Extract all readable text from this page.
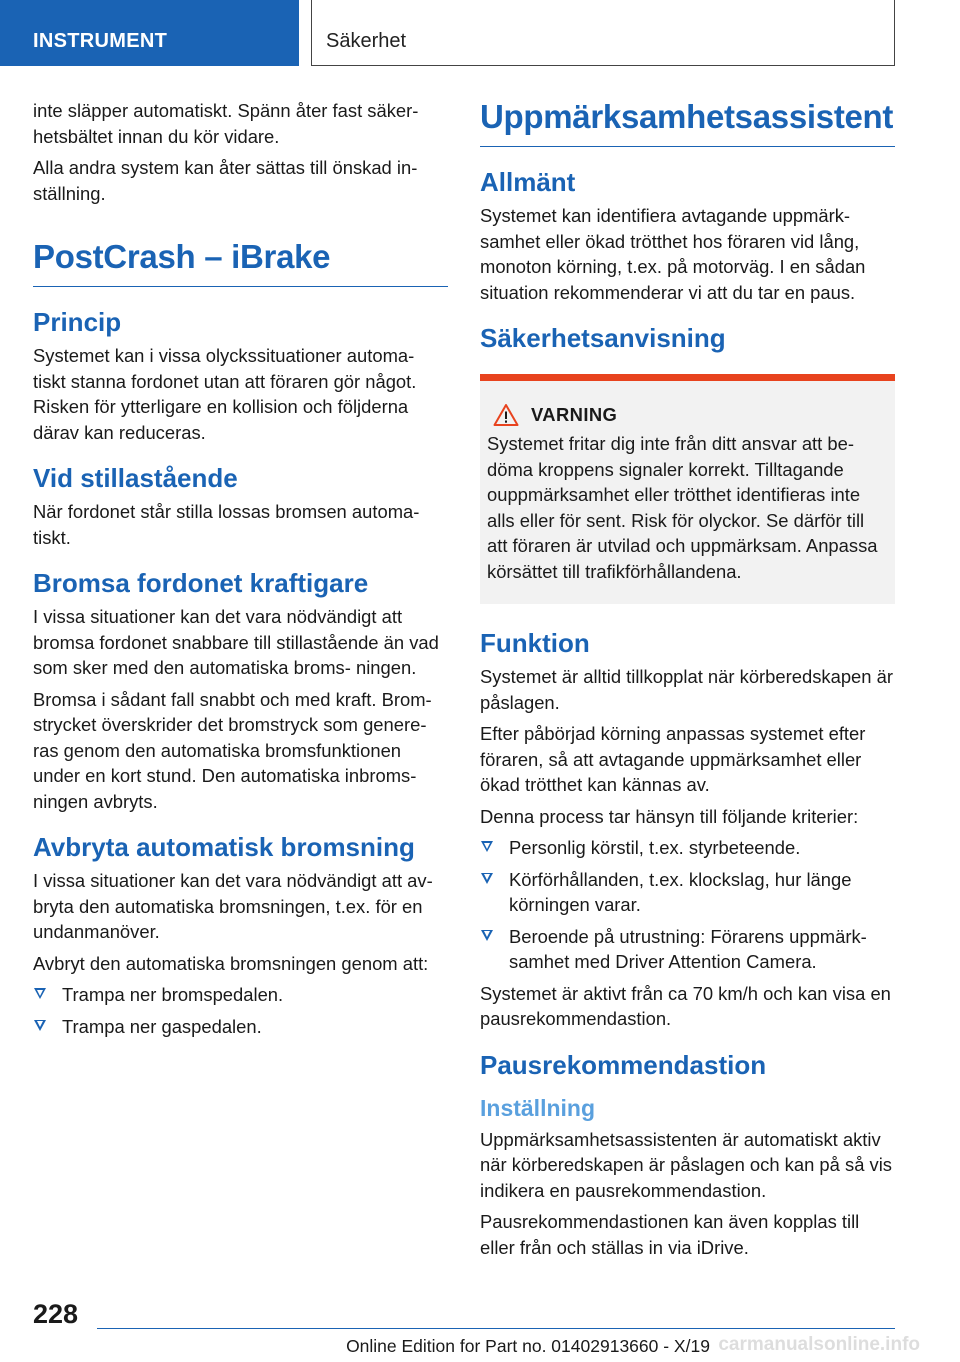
INSTRUMENT	Säkerhet

inte släpper automatiskt. Spänn åter fast säker- hetsbältet innan du kör vidare.

Alla andra system kan åter sättas till önskad in- ställning.

PostCrash – iBrake
Princip

Systemet kan i vissa olyckssituationer automa- tiskt stanna fordonet utan att föraren gör något. Risken för ytterligare en kollision och följderna därav kan reduceras.

Vid stillastående

När fordonet står stilla lossas bromsen automa- tiskt.

Bromsa fordonet kraftigare

I vissa situationer kan det vara nödvändigt att bromsa fordonet snabbare till stillastående än vad som sker med den automatiska broms- ningen.

Bromsa i sådant fall snabbt och med kraft. Brom- strycket överskrider det bromstryck som genere- ras genom den automatiska bromsfunktionen under en kort stund. Den automatiska inbroms- ningen avbryts.

Avbryta automatisk bromsning

I vissa situationer kan det vara nödvändigt att av- bryta den automatiska bromsningen, t.ex. för en undanmanöver.

Avbryt den automatiska bromsningen genom att:

Trampa ner bromspedalen.
Trampa ner gaspedalen.
Uppmärksamhetsassistent
Allmänt

Systemet kan identifiera avtagande uppmärk- samhet eller ökad trötthet hos föraren vid lång, monoton körning, t.ex. på motorväg. I en sådan situation rekommenderar vi att du tar en paus.

Säkerhetsanvisning
VARNING

Systemet fritar dig inte från ditt ansvar att be- döma kroppens signaler korrekt. Tilltagande ouppmärksamhet eller trötthet identifieras inte alls eller för sent. Risk för olyckor. Se därför till att föraren är utvilad och uppmärksam. Anpassa körsättet till trafikförhållandena.

Funktion

Systemet är alltid tillkopplat när körberedskapen är påslagen.

Efter påbörjad körning anpassas systemet efter föraren, så att avtagande uppmärksamhet eller ökad trötthet kan kännas av.

Denna process tar hänsyn till följande kriterier:

Personlig körstil, t.ex. styrbeteende.
Körförhållanden, t.ex. klockslag, hur länge körningen varar.
Beroende på utrustning: Förarens uppmärk- samhet med Driver Attention Camera.

Systemet är aktivt från ca 70 km/h och kan visa en pausrekommendastion.

Pausrekommendastion
Inställning

Uppmärksamhetsassistenten är automatiskt aktiv när körberedskapen är påslagen och kan på så vis indikera en pausrekommendastion.

Pausrekommendastionen kan även kopplas till eller från och ställas in via iDrive.

228
Online Edition for Part no. 01402913660 - X/19 carmanualsonline.info
